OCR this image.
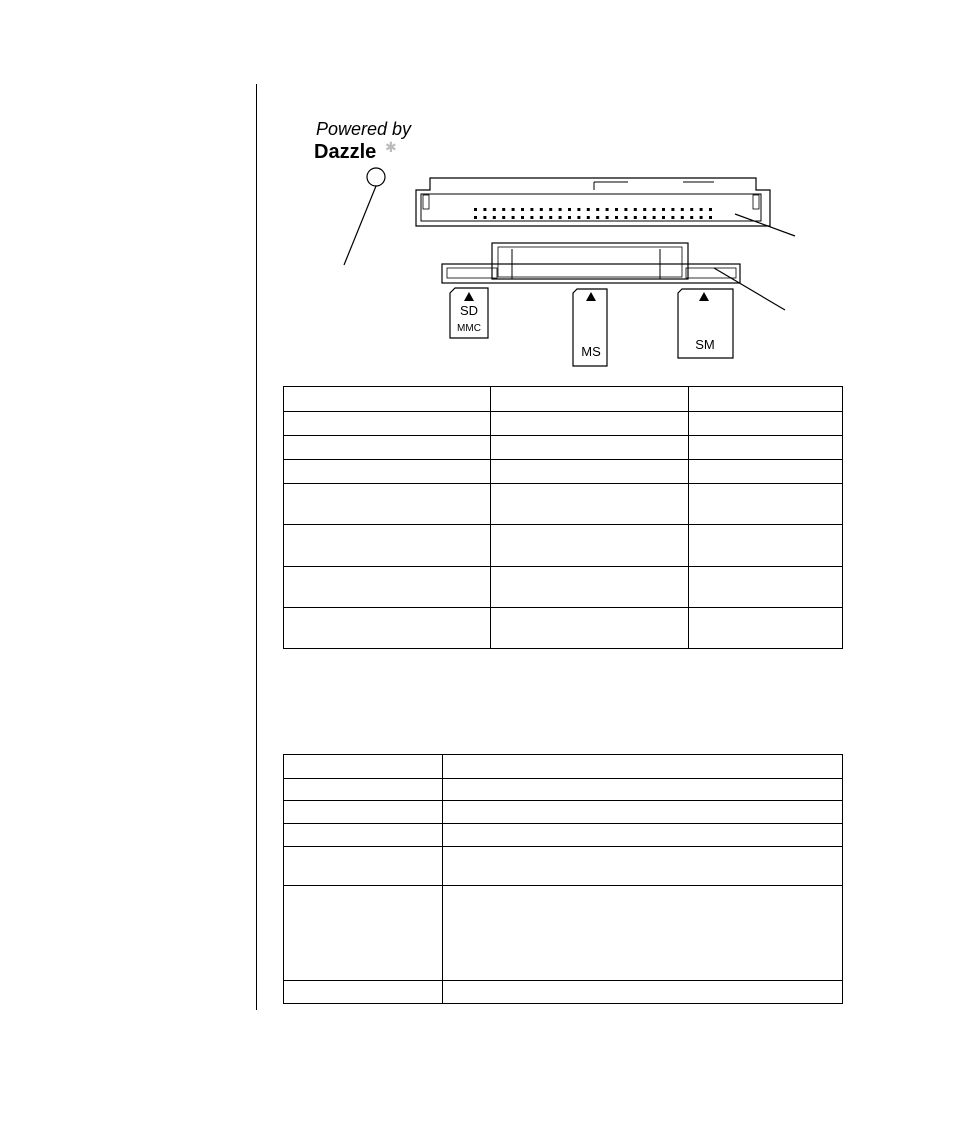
Powered by
Dazzle ✱
SD
MMC
MS	SM
